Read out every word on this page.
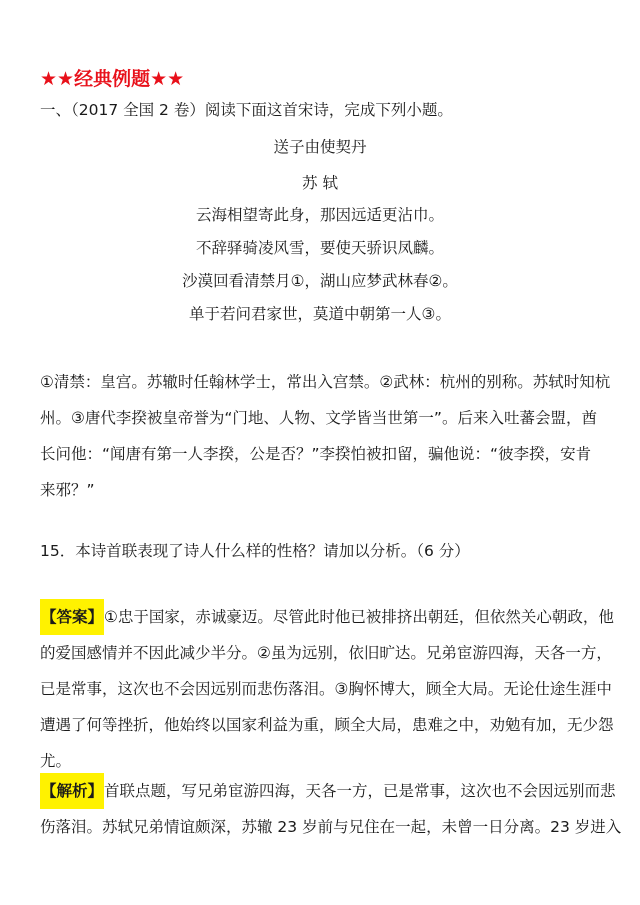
★★经典例题★★
一、（2017 全国 2 卷）阅读下面这首宋诗，完成下列小题。
送子由使契丹
苏 轼
云海相望寄此身，那因远适更沾巾。
不辞驿骑凌风雪，要使天骄识凤麟。
沙漠回看清禁月①，湖山应梦武林春②。
单于若问君家世，莫道中朝第一人③。
①清禁：皇宫。苏辙时任翰林学士，常出入宫禁。②武林：杭州的别称。苏轼时知杭
州。③唐代李揆被皇帝誉为“门地、人物、文学皆当世第一”。后来入吐蕃会盟，酋
长问他：“闻唐有第一人李揆，公是否？”李揆怕被扣留，骗他说：“彼李揆，安肯
来邪？”
15．本诗首联表现了诗人什么样的性格？请加以分析。（6 分）
【答案】①忠于国家，赤诚豪迈。尽管此时他已被排挤出朝廷，但依然关心朝政，他
的爱国感情并不因此减少半分。②虽为远别，依旧旷达。兄弟宦游四海，天各一方，
已是常事，这次也不会因远别而悲伤落泪。③胸怀博大，顾全大局。无论仕途生涯中
遭遇了何等挫折，他始终以国家利益为重，顾全大局，患难之中，劝勉有加，无少怨
尤。
【解析】首联点题，写兄弟宦游四海，天各一方，已是常事，这次也不会因远别而悲
伤落泪。苏轼兄弟情谊颇深，苏辙 23 岁前与兄住在一起，未曾一日分离。23 岁进入
